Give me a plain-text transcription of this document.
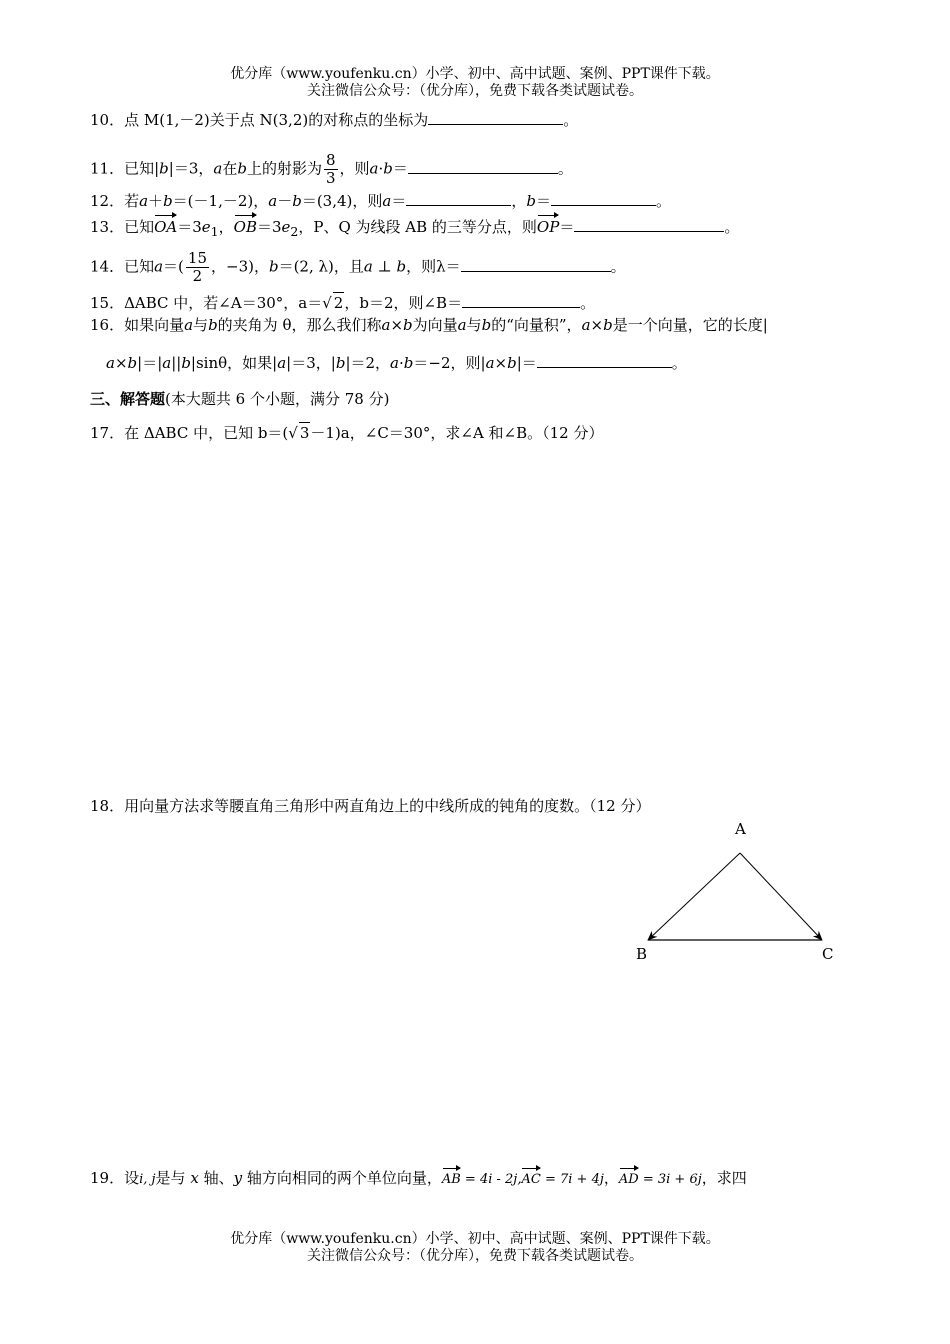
优分库（www.youfenku.cn）小学、初中、高中试题、案例、PPT课件下载。
关注微信公众号：（优分库），免费下载各类试题试卷。
10．点 M(1,－2)关于点 N(3,2)的对称点的坐标为	。
11．已知|b|＝3，a在b上的射影为 $\frac{8}{3}$ ，则a·b＝	。
12．若a＋b＝(－1,－2)，a－b＝(3,4)，则a＝	，b＝	。
13．已知$OA=3e_1$，$OB=3e_2$，P、Q 为线段 AB 的三等分点，则OP＝	。
14．已知$a=( \frac{15}{2}$ ，−3)，b＝(2, λ)，且a ⊥ b，则λ＝	。
15．ΔABC 中，若∠A＝30°，a＝√ 2，b＝2，则∠B＝	。
16．如果向量a与b的夹角为 θ，那么我们称a×b为向量a与b的“向量积”，a×b是一个向量，它的长度|
a×b|＝|a||b|sinθ，如果|a|＝3，|b|＝2，a·b＝−2，则|a×b|＝	。
三、解答题(本大题共 6 个小题，满分 78 分)
17．在 ΔABC 中，已知 b＝(√ 3－1)a，∠C＝30°，求∠A 和∠B。（12 分）
18．用向量方法求等腰直角三角形中两直角边上的中线所成的钝角的度数。（12 分）
A
B	C
19．设i, j是与 x 轴、y 轴方向相同的两个单位向量，AB = 4i - 2j,AC = 7i + 4j，AD = 3i + 6j，求四
优分库（www.youfenku.cn）小学、初中、高中试题、案例、PPT课件下载。
关注微信公众号：（优分库），免费下载各类试题试卷。
